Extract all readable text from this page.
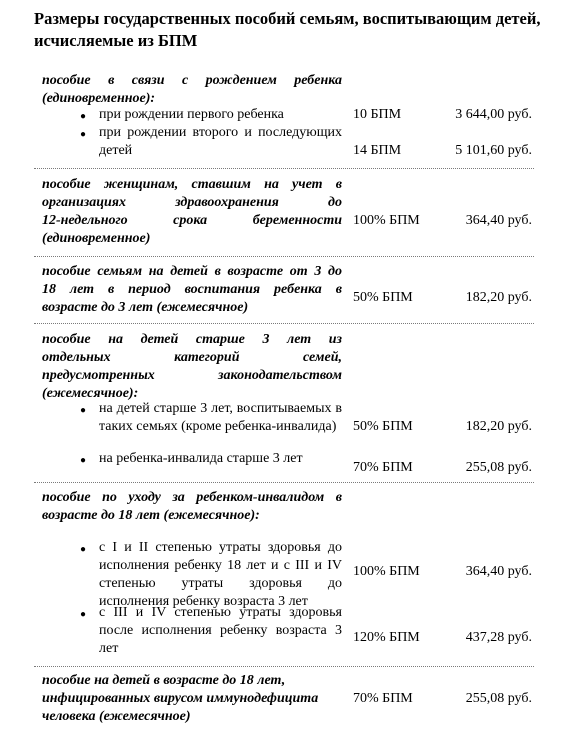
Размеры государственных пособий семьям, воспитывающим детей, исчисляемые из БПМ
пособие в связи с рождением ребенка
(единовременное):
● при рождении первого ребенка	10 БПМ	3 644,00 руб.
● при рождении второго и последующих детей	14 БПМ	5 101,60 руб.
пособие женщинам, ставшим на учет в
организациях здравоохранения до
12-недельного срока беременности
(единовременное)
100% БПМ	364,40 руб.
пособие семьям на детей в возрасте от 3 до
18 лет в период воспитания ребенка в
возрасте до 3 лет (ежемесячное)
50% БПМ	182,20 руб.
пособие на детей старше 3 лет из
отдельных категорий семей,
предусмотренных законодательством
(ежемесячное):
● на детей старше 3 лет, воспитываемых в таких семьях (кроме ребенка-инвалида)	50% БПМ	182,20 руб.
● на ребенка-инвалида старше 3 лет
70% БПМ	255,08 руб.
пособие по уходу за ребенком-инвалидом в
возрасте до 18 лет (ежемесячное):
● с I и II степенью утраты здоровья до исполнения ребенку 18 лет и с III и IV степенью утраты здоровья до исполнения ребенку возраста 3 лет
100% БПМ	364,40 руб.
● с III и IV степенью утраты здоровья после исполнения ребенку возраста 3 лет
120% БПМ	437,28 руб.
пособие на детей в возрасте до 18 лет,
инфицированных вирусом иммунодефицита
человека (ежемесячное)
70% БПМ	255,08 руб.
